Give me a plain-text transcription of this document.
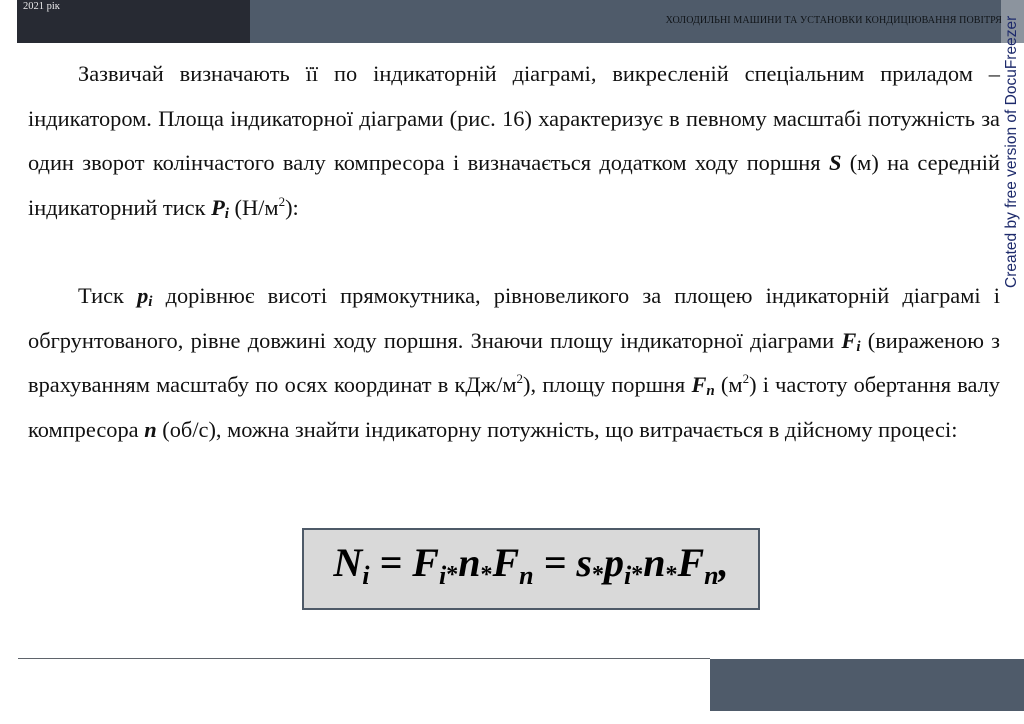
2021 рік
ХОЛОДИЛЬНІ МАШИНИ ТА УСТАНОВКИ КОНДИЦІЮВАННЯ ПОВІТРЯ Created by free version of DocuFreezer
Зазвичай визначають її по індикаторній діаграмі, викресленій спеціальним приладом – індикатором. Площа індикаторної діаграми (рис. 16) характеризує в певному масштабі потужність за один зворот колінчастого валу компресора і визначається додатком ходу поршня S (м) на середній індикаторний тиск $P_i$ $(Н/м^2)$:
Тиск $p_i$ дорівнює висоті прямокутника, рівновеликого за площею індикаторній діаграмі і обгрунтованого, рівне довжині ходу поршня. Знаючи площу індикаторної діаграми $F_i$ (вираженою з врахуванням масштабу по осях координат в кДж/$м^2$), площу поршня $F_n$ $(м^2)$ і частоту обертання валу компресора n (об/с), можна знайти індикаторну потужність, що витрачається в дійсному процесі:
$N_i = F_i*n*F_n = s*p_i*n*F_n$,
